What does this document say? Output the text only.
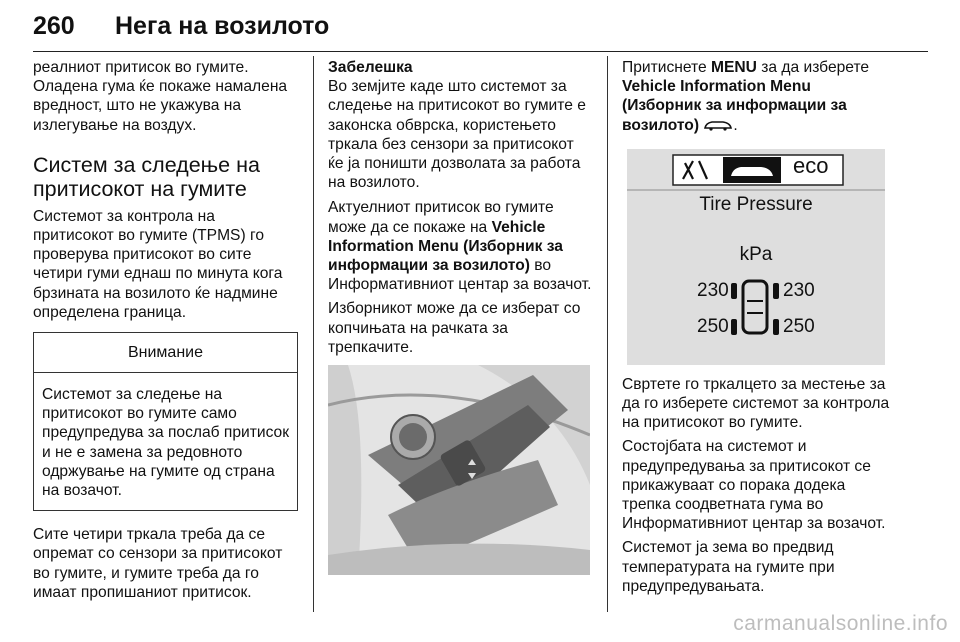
260 Нега на возилото

реалниот притисок во гумите. Оладена гума ќе покаже намалена вредност, што не укажува на излегување на воздух.

Систем за следење на
притисокот на гумите

Системот за контрола на притисокот во гумите (TPMS) го проверува притисокот во сите четири гуми еднаш по минута кога брзината на возилото ќе надмине определена граница.

Внимание
Системот за следење на притисокот во гумите само предупредува за послаб притисок и не е замена за редовното одржување на гумите од страна на возачот.

Сите четири тркала треба да се опремат со сензори за притисокот во гумите, и гумите треба да го имаат пропишаниот притисок.

Забелешка
Во земјите каде што системот за следење на притисокот во гумите е законска обврска, користењето тркала без сензори за притисокот ќе ја поништи дозволата за работа на возилото.

Актуелниот притисок во гумите може да се покаже на Vehicle Information Menu (Изборник за информации за возилото) во Информативниот центар за возачот.

Изборникот може да се изберат со копчињата на рачката за трепкачите.

Притиснете MENU за да изберете Vehicle Information Menu (Изборник за информации за возилото) .

eco
Tire Pressure
kPa
230	230
250	250

Свртете го тркалцето за местење за да го изберете системот за контрола на притисокот во гумите.

Состојбата на системот и предупредувања за притисокот се прикажуваат со порака додека трепка соодветната гума во Информативниот центар за возачот.

Системот ја зема во предвид температурата на гумите при предупредувањата.

carmanualsonline.info
